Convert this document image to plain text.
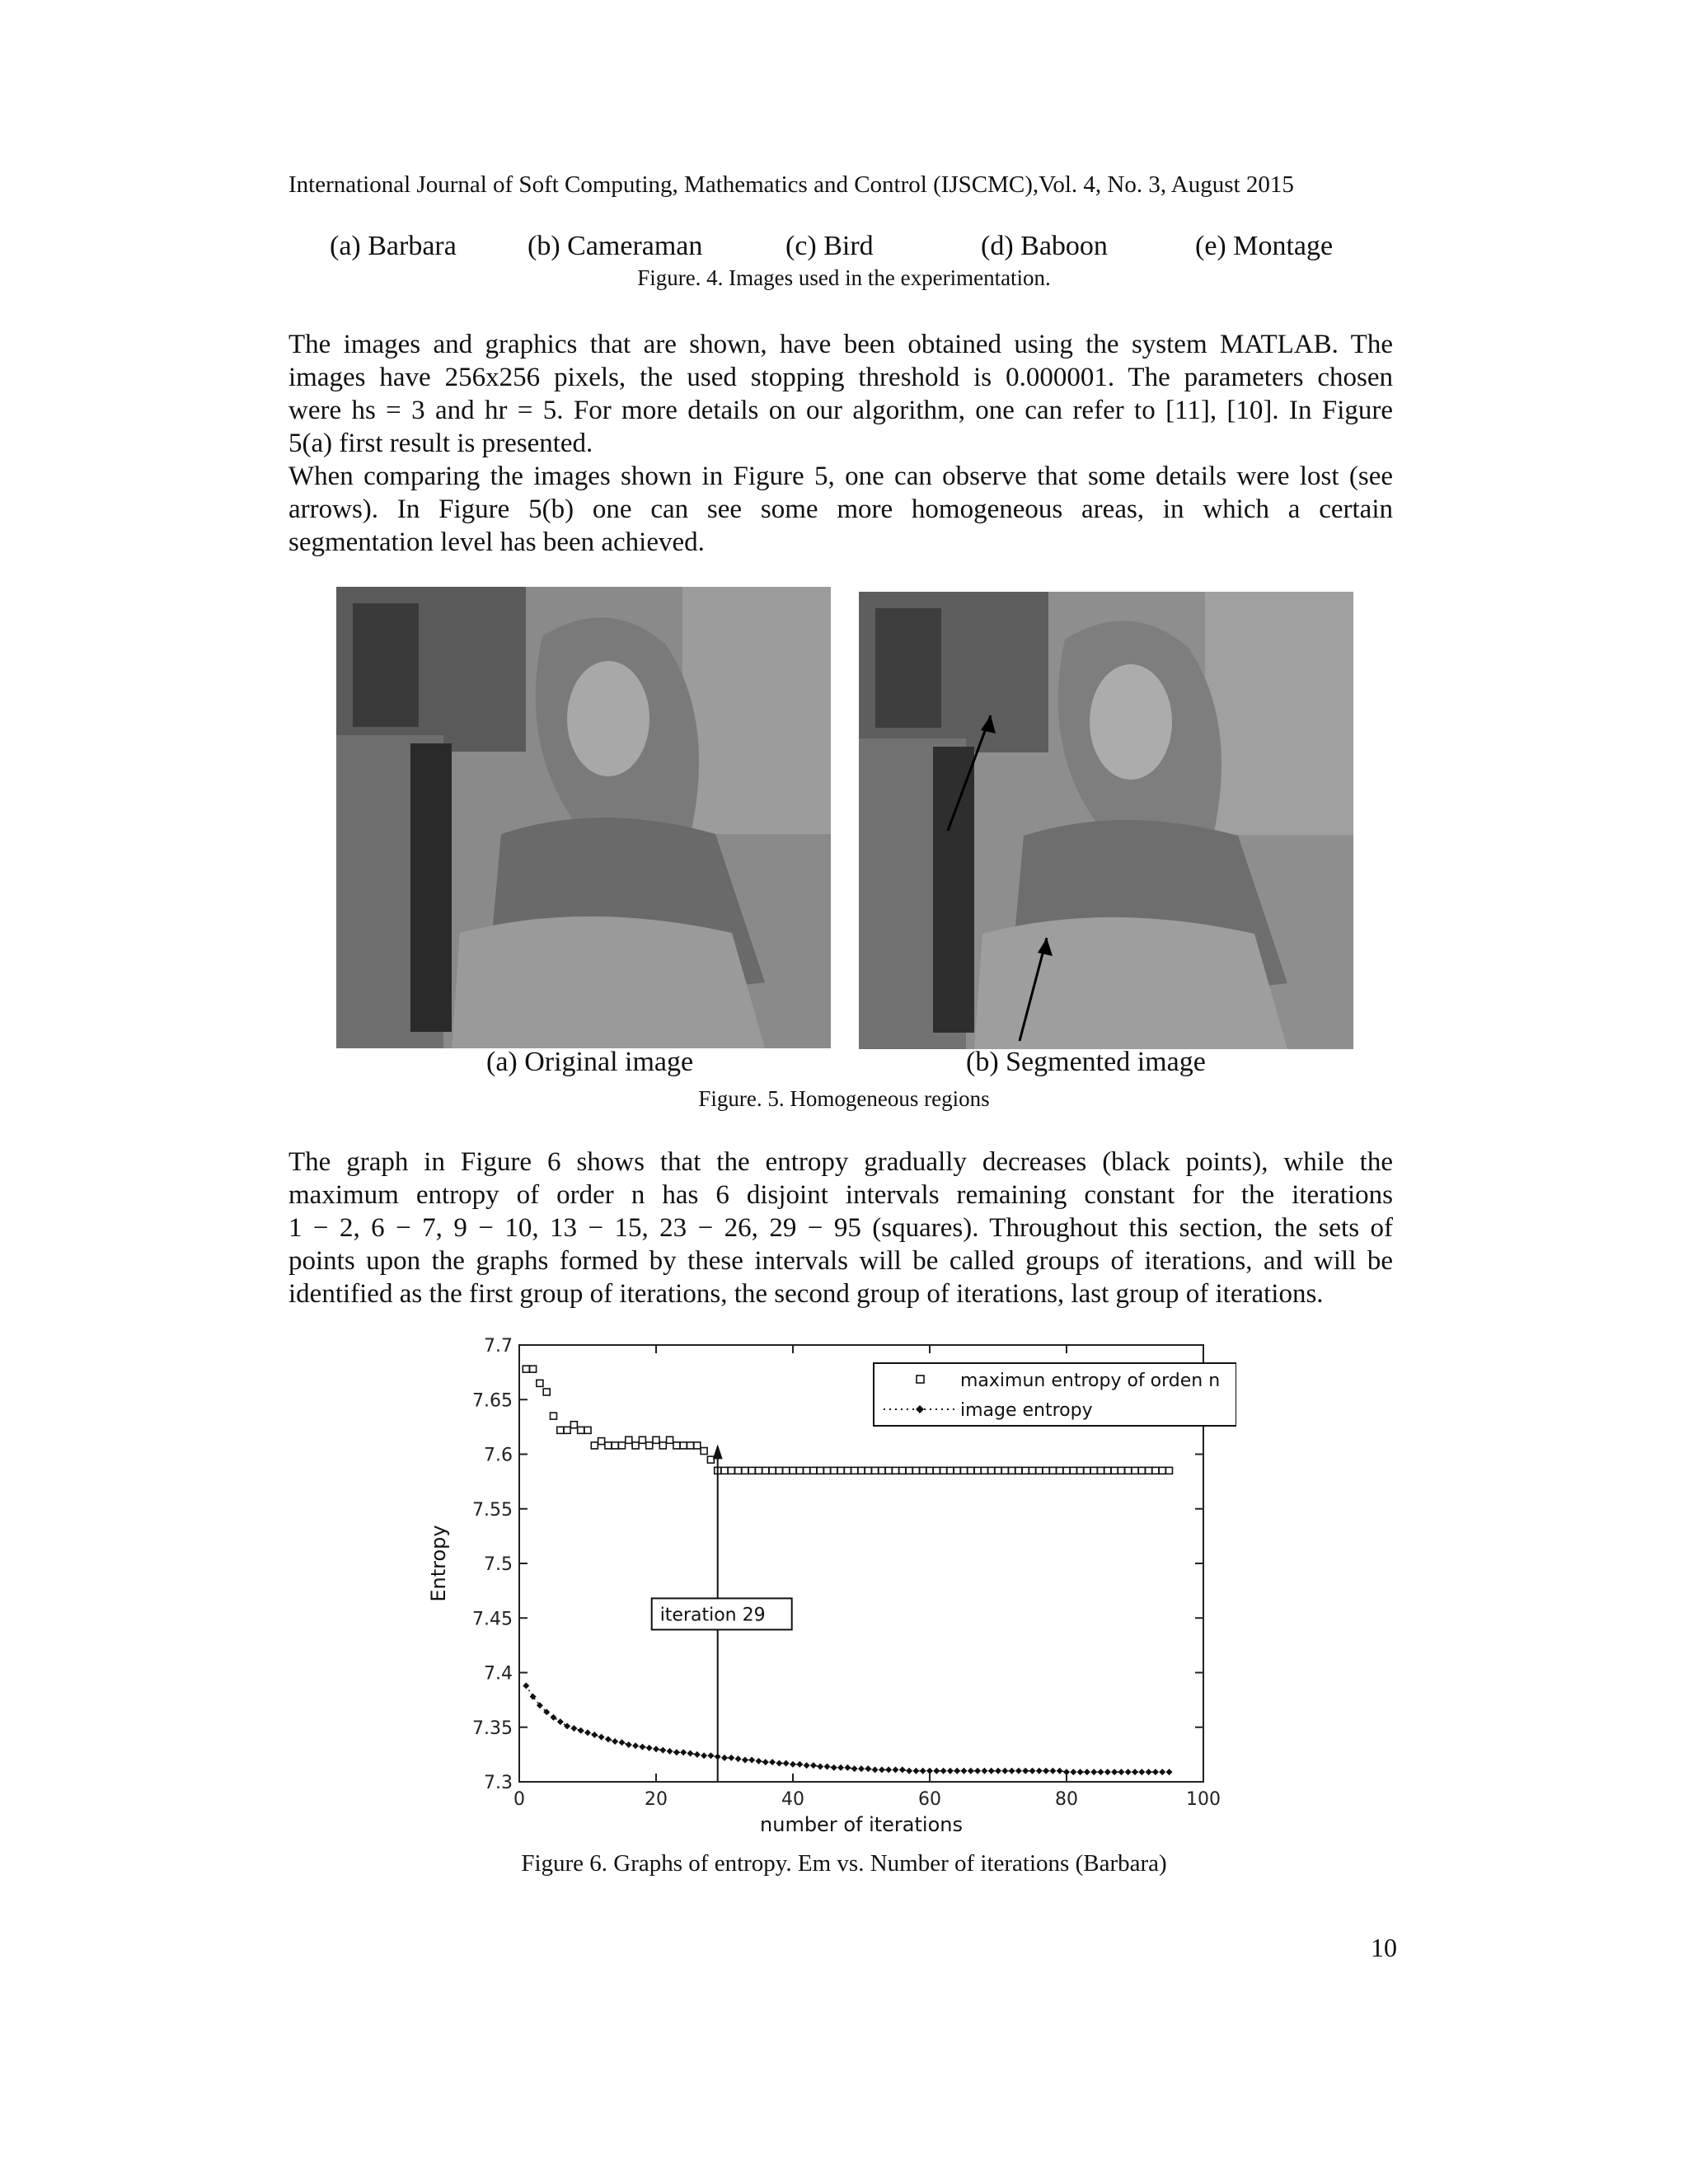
International Journal of Soft Computing, Mathematics and Control (IJSCMC),Vol. 4, No. 3, August 2015
(a) Barbara	(b) Cameraman	(c) Bird	(d) Baboon	(e) Montage
Figure. 4. Images used in the experimentation.
The images and graphics that are shown, have been obtained using the system MATLAB. The
images have 256x256 pixels, the used stopping threshold is 0.000001. The parameters chosen
were hs = 3 and hr = 5. For more details on our algorithm, one can refer to [11], [10]. In Figure
5(a) first result is presented.
When comparing the images shown in Figure 5, one can observe that some details were lost (see
arrows). In Figure 5(b) one can see some more homogeneous areas, in which a certain
segmentation level has been achieved.
(a) Original image	(b) Segmented image
Figure. 5. Homogeneous regions
The graph in Figure 6 shows that the entropy gradually decreases (black points), while the
maximum entropy of order n has 6 disjoint intervals remaining constant for the iterations
1 − 2, 6 − 7, 9 − 10, 13 − 15, 23 − 26, 29 − 95 (squares). Throughout this section, the sets of
points upon the graphs formed by these intervals will be called groups of iterations, and will be
identified as the first group of iterations, the second group of iterations, last group of iterations.
7.3
7.35
7.4
7.45
7.5
7.55
7.6
7.65
7.7
0	20	40	60	80	100
iteration 29
maximun entropy of orden n
image entropy
Entropy
number of iterations
Figure 6. Graphs of entropy. Em vs. Number of iterations (Barbara)
10
